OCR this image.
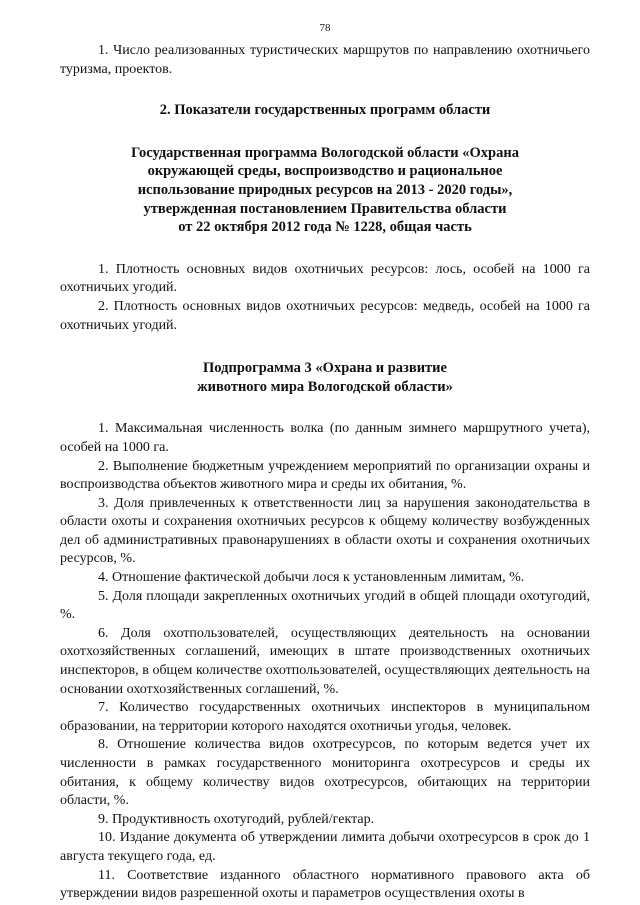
78

1. Число реализованных туристических маршрутов по направлению охотничьего туризма, проектов.

2. Показатели государственных программ области
Государственная программа Вологодской области «Охрана
окружающей среды, воспроизводство и рациональное
использование природных ресурсов на 2013 - 2020 годы»,
утвержденная постановлением Правительства области
от 22 октября 2012 года № 1228, общая часть

1. Плотность основных видов охотничьих ресурсов: лось, особей на 1000 га охотничьих угодий.

2. Плотность основных видов охотничьих ресурсов: медведь, особей на 1000 га охотничьих угодий.

Подпрограмма 3 «Охрана и развитие
животного мира Вологодской области»

1. Максимальная численность волка (по данным зимнего маршрутного учета), особей на 1000 га.

2. Выполнение бюджетным учреждением мероприятий по организации охраны и воспроизводства объектов животного мира и среды их обитания, %.

3. Доля привлеченных к ответственности лиц за нарушения законодательства в области охоты и сохранения охотничьих ресурсов к общему количеству возбужденных дел об административных правонарушениях в области охоты и сохранения охотничьих ресурсов, %.

4. Отношение фактической добычи лося к установленным лимитам, %.

5. Доля площади закрепленных охотничьих угодий в общей площади охотугодий, %.

6. Доля охотпользователей, осуществляющих деятельность на основании охотхозяйственных соглашений, имеющих в штате производственных охотничьих инспекторов, в общем количестве охотпользователей, осуществляющих деятельность на основании охотхозяйственных соглашений, %.

7. Количество государственных охотничьих инспекторов в муниципальном образовании, на территории которого находятся охотничьи угодья, человек.

8. Отношение количества видов охотресурсов, по которым ведется учет их численности в рамках государственного мониторинга охотресурсов и среды их обитания, к общему количеству видов охотресурсов, обитающих на территории области, %.

9. Продуктивность охотугодий, рублей/гектар.

10. Издание документа об утверждении лимита добычи охотресурсов в срок до 1 августа текущего года, ед.

11. Соответствие изданного областного нормативного правового акта об утверждении видов разрешенной охоты и параметров осуществления охоты в
